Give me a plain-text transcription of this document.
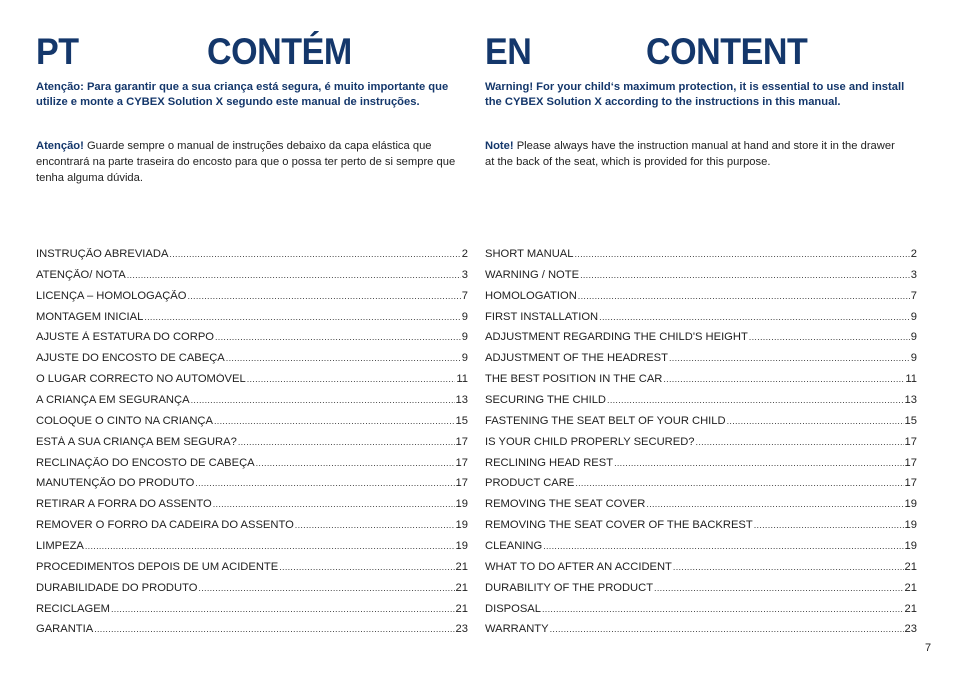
PT	CONTÉM

Atenção: Para garantir que a sua criança está segura, é muito importante que utilize e monte a CYBEX Solution X segundo este manual de instruções.

Atenção! Guarde sempre o manual de instruções debaixo da capa elástica que encontrará na parte traseira do encosto para que o possa ter perto de si sempre que tenha alguma dúvida.

INSTRUÇÃO ABREVIADA .....	2
ATENÇÃO/ NOTA .....	3
LICENÇA – HOMOLOGAÇÃO .....	7
MONTAGEM INICIAL .....	9
AJUSTE À ESTATURA DO CORPO .....	9
AJUSTE DO ENCOSTO DE CABEÇA .....	9
O LUGAR CORRECTO NO AUTOMÓVEL .....	11
A CRIANÇA EM SEGURANÇA .....	13
COLOQUE O CINTO NA CRIANÇA .....	15
ESTÁ A SUA CRIANÇA BEM SEGURA? .....	17
RECLINAÇÃO DO ENCOSTO DE CABEÇA .....	17
MANUTENÇÃO DO PRODUTO .....	17
RETIRAR A FORRA DO ASSENTO .....	19
REMOVER O FORRO DA CADEIRA DO ASSENTO .....	19
LIMPEZA .....	19
PROCEDIMENTOS DEPOIS DE UM ACIDENTE .....	21
DURABILIDADE DO PRODUTO .....	21
RECICLAGEM .....	21
GARANTIA .....	23
EN	CONTENT

Warning! For your child‘s maximum protection, it is essential to use and install the CYBEX Solution X according to the instructions in this manual.

Note! Please always have the instruction manual at hand and store it in the drawer at the back of the seat, which is provided for this purpose.

SHORT MANUAL .....	2
WARNING / NOTE .....	3
HOMOLOGATION .....	7
FIRST INSTALLATION .....	9
ADJUSTMENT REGARDING THE CHILD'S HEIGHT .....	9
ADJUSTMENT OF THE HEADREST .....	9
THE BEST POSITION IN THE CAR .....	11
SECURING THE CHILD .....	13
FASTENING THE SEAT BELT OF YOUR CHILD .....	15
IS YOUR CHILD PROPERLY SECURED? .....	17
RECLINING HEAD REST .....	17
PRODUCT CARE .....	17
REMOVING THE SEAT COVER .....	19
REMOVING THE SEAT COVER OF THE BACKREST .....	19
CLEANING .....	19
WHAT TO DO AFTER AN ACCIDENT .....	21
DURABILITY OF THE PRODUCT .....	21
DISPOSAL .....	21
WARRANTY .....	23
7
